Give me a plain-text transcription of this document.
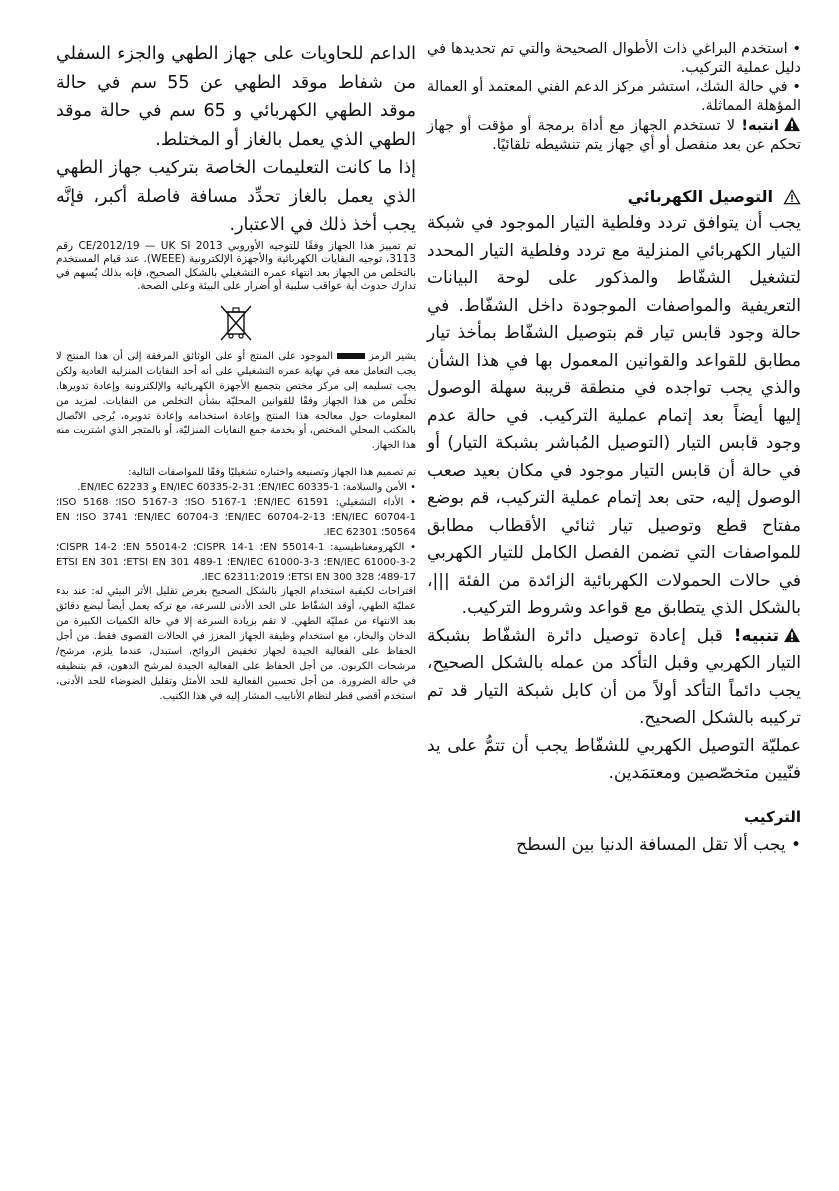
• استخدم البراغي ذات الأطوال الصحيحة والتي تم تحديدها في دليل عملية التركيب.

• في حالة الشك، استشر مركز الدعم الفني المعتمد أو العمالة المؤهلة المماثلة.

انتبه! لا تستخدم الجهاز مع أداة برمجة أو مؤقت أو جهاز تحكم عن بعد منفصل أو أي جهاز يتم تنشيطه تلقائيًا.

التوصيل الكهربائي

يجب أن يتوافق تردد وفلطية التيار الموجود في شبكة التيار الكهربائي المنزلية مع تردد وفلطية التيار المحدد لتشغيل الشفّاط والمذكور على لوحة البيانات التعريفية والمواصفات الموجودة داخل الشفّاط. في حالة وجود قابس تيار قم بتوصيل الشفّاط بمأخذ تيار مطابق للقواعد والقوانين المعمول بها في هذا الشأن والذي يجب تواجده في منطقة قريبة سهلة الوصول إليها أيضاً بعد إتمام عملية التركيب. في حالة عدم وجود قابس التيار (التوصيل المُباشر بشبكة التيار) أو في حالة أن قابس التيار موجود في مكان بعيد صعب الوصول إليه، حتى بعد إتمام عملية التركيب، قم بوضع مفتاح قطع وتوصيل تيار ثنائي الأقطاب مطابق للمواصفات التي تضمن الفصل الكامل للتيار الكهربي في حالات الحمولات الكهربائية الزائدة من الفئة |||، بالشكل الذي يتطابق مع قواعد وشروط التركيب.

تنبيه! قبل إعادة توصيل دائرة الشفّاط بشبكة التيار الكهربي وقبل التأكد من عمله بالشكل الصحيح، يجب دائماً التأكد أولاً من أن كابل شبكة التيار قد تم تركيبه بالشكل الصحيح.

عمليّة التوصيل الكهربي للشفّاط يجب أن تتمُّ على يد فنّيين متخصّصين ومعتمَدين.

التركيب

• يجب ألا تقل المسافة الدنيا بين السطح

الداعم للحاويات على جهاز الطهي والجزء السفلي من شفاط موقد الطهي عن 55 سم في حالة موقد الطهي الكهربائي و 65 سم في حالة موقد الطهي الذي يعمل بالغاز أو المختلط.

إذا ما كانت التعليمات الخاصة بتركيب جهاز الطهي الذي يعمل بالغاز تحدِّد مسافة فاصلة أكبر، فإنَّه يجب أخذ ذلك في الاعتبار.

تم تمييز هذا الجهاز وفقًا للتوجيه الأوروبي CE/2012/19 — UK SI 2013 رقم 3113، توجيه النفايات الكهربائية والأجهزة الإلكترونية (WEEE). عند قيام المستخدم بالتخلص من الجهاز بعد انتهاء عمره التشغيلي بالشكل الصحيح، فإنه بذلك يُسهم في تدارك حدوث أية عواقب سلبية أو أضرار على البيئة وعلى الصحة.

يشير الرمزالموجود على المنتج أو على الوثائق المرفقة إلى أن هذا المنتج لا يجب التعامل معه في نهاية عمره التشغيلي على أنه أحد النفايات المنزلية العادية ولكن يجب تسليمه إلى مركز مختص بتجميع الأجهزة الكهربائية والإلكترونية وإعادة تدويرها. تخلّص من هذا الجهاز وفقًا للقوانين المحليّة بشأن التخلص من النفايات. لمزيد من المعلومات حول معالجة هذا المنتج وإعادة استخدامه وإعادة تدويره، يُرجى الاتّصال بالمكتب المحلي المختص، أو بخدمة جمع النفايات المنزليّة، أو بالمتجر الذي اشتريت منه هذا الجهاز.

تم تصميم هذا الجهاز وتصنيعه واختباره تشغيليًا وفقًا للمواصفات التالية:

• الأمن والسلامة: EN/IEC 60335-1؛ EN/IEC 60335-2-31 و EN/IEC 62233.

• الأداء التشغيلي: EN/IEC 61591؛ ISO 5167-1؛ ISO 5167-3؛ ISO 5168؛ EN/IEC 60704-1؛ EN/IEC 60704-2-13؛ EN/IEC 60704-3؛ ISO 3741؛ EN 50564؛ IEC 62301.

• الكهرومغناطيسية: EN 55014-1؛ CISPR 14-1؛ EN 55014-2؛ CISPR 14-2؛ EN/IEC 61000-3-2؛ EN/IEC 61000-3-3؛ ETSI EN 301 489-1؛ ETSI EN 301 489-17؛ ETSI EN 300 328؛ IEC 62311:2019.

اقتراحات لكيفية استخدام الجهاز بالشكل الصحيح بغرض تقليل الأثر البيئي له: عند بدء عمليّة الطهي، أوقد الشفّاط على الحد الأدنى للسرعة، مع تركه يعمل أيضاً لبضع دقائق بعد الانتهاء من عمليّة الطهي. لا تقم بزيادة السرعة إلا في حالة الكميات الكبيرة من الدخان والبخار، مع استخدام وظيفة الجهاز المعزز في الحالات القصوى فقط. من أجل الحفاظ على الفعالية الجيدة لجهاز تخفيض الروائح، استبدل، عندما يلزم، مرشح/مرشحات الكربون. من أجل الحفاظ على الفعالية الجيدة لمرشح الدهون، قم بتنظيفه في حالة الضرورة. من أجل تحسين الفعالية للحد الأمثل وتقليل الضوضاء للحد الأدنى، استخدم أقصى قطر لنظام الأنابيب المشار إليه في هذا الكتيب.
